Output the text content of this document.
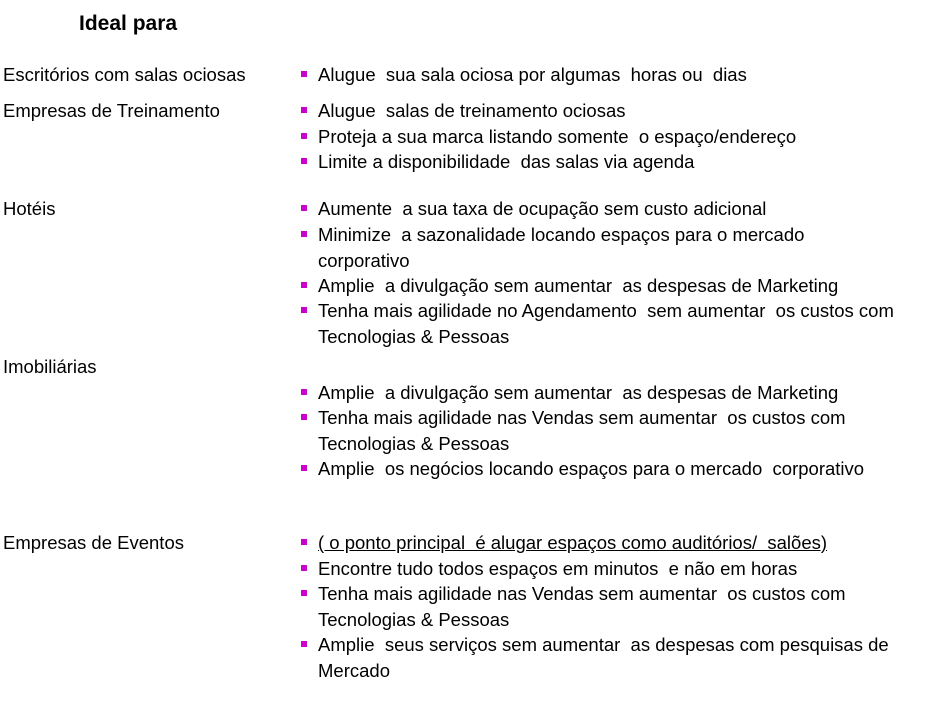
Ideal para
Escritórios com salas ociosas	Alugue  sua sala ociosa por algumas  horas ou  dias
Empresas de Treinamento	Alugue  salas de treinamento ociosas
Proteja a sua marca listando somente  o espaço/endereço
Limite a disponibilidade  das salas via agenda
Hotéis	Aumente  a sua taxa de ocupação sem custo adicional
Minimize  a sazonalidade locando espaços para o mercado corporativo
Amplie  a divulgação sem aumentar  as despesas de Marketing
Tenha mais agilidade no Agendamento  sem aumentar  os custos com Tecnologias & Pessoas
Imobiliárias
Amplie  a divulgação sem aumentar  as despesas de Marketing
Tenha mais agilidade nas Vendas sem aumentar  os custos com Tecnologias & Pessoas
Amplie  os negócios locando espaços para o mercado  corporativo
Empresas de Eventos	( o ponto principal  é alugar espaços como auditórios/  salões)
Encontre tudo todos espaços em minutos  e não em horas
Tenha mais agilidade nas Vendas sem aumentar  os custos com Tecnologias & Pessoas
Amplie  seus serviços sem aumentar  as despesas com pesquisas de Mercado
